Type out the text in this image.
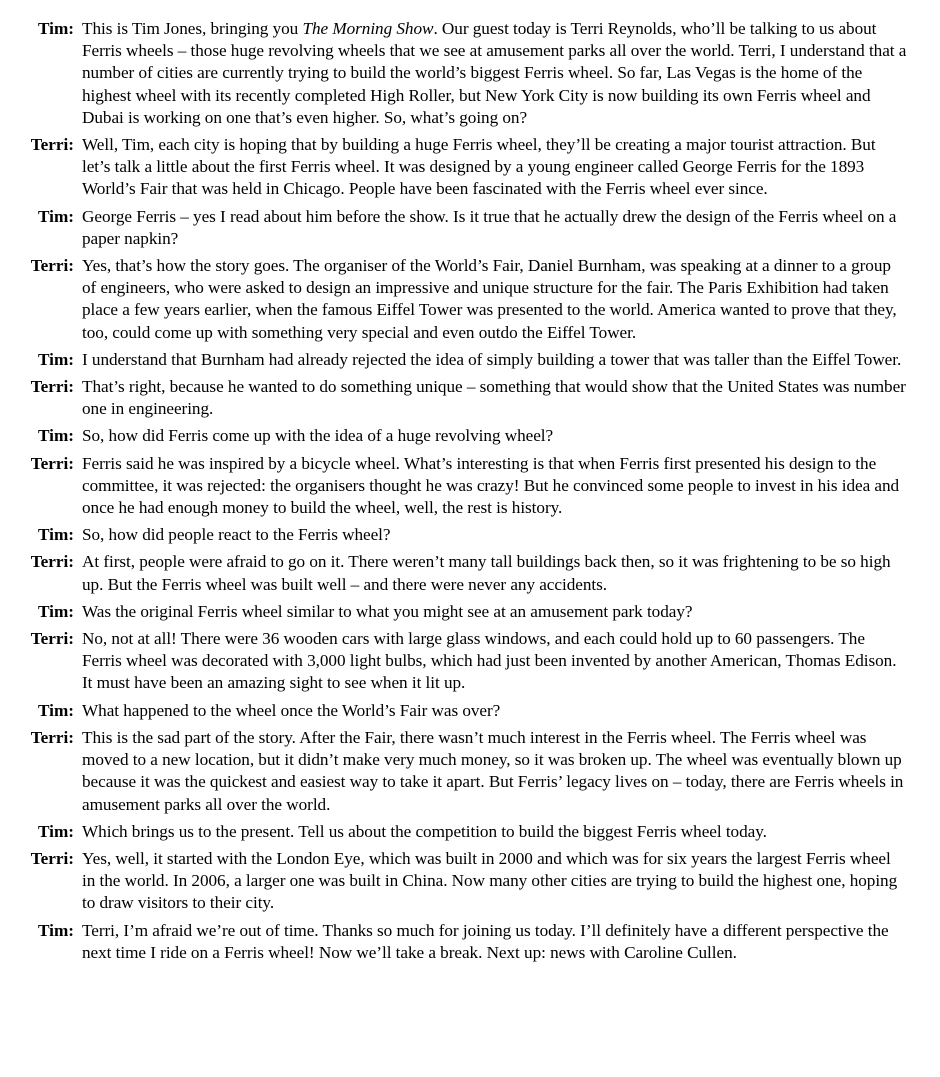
Tim: This is Tim Jones, bringing you The Morning Show. Our guest today is Terri Reynolds, who’ll be talking to us about Ferris wheels – those huge revolving wheels that we see at amusement parks all over the world. Terri, I understand that a number of cities are currently trying to build the world’s biggest Ferris wheel. So far, Las Vegas is the home of the highest wheel with its recently completed High Roller, but New York City is now building its own Ferris wheel and Dubai is working on one that’s even higher. So, what’s going on?
Terri: Well, Tim, each city is hoping that by building a huge Ferris wheel, they’ll be creating a major tourist attraction. But let’s talk a little about the first Ferris wheel. It was designed by a young engineer called George Ferris for the 1893 World’s Fair that was held in Chicago. People have been fascinated with the Ferris wheel ever since.
Tim: George Ferris – yes I read about him before the show. Is it true that he actually drew the design of the Ferris wheel on a paper napkin?
Terri: Yes, that’s how the story goes. The organiser of the World’s Fair, Daniel Burnham, was speaking at a dinner to a group of engineers, who were asked to design an impressive and unique structure for the fair. The Paris Exhibition had taken place a few years earlier, when the famous Eiffel Tower was presented to the world. America wanted to prove that they, too, could come up with something very special and even outdo the Eiffel Tower.
Tim: I understand that Burnham had already rejected the idea of simply building a tower that was taller than the Eiffel Tower.
Terri: That’s right, because he wanted to do something unique – something that would show that the United States was number one in engineering.
Tim: So, how did Ferris come up with the idea of a huge revolving wheel?
Terri: Ferris said he was inspired by a bicycle wheel. What’s interesting is that when Ferris first presented his design to the committee, it was rejected: the organisers thought he was crazy! But he convinced some people to invest in his idea and once he had enough money to build the wheel, well, the rest is history.
Tim: So, how did people react to the Ferris wheel?
Terri: At first, people were afraid to go on it. There weren’t many tall buildings back then, so it was frightening to be so high up. But the Ferris wheel was built well – and there were never any accidents.
Tim: Was the original Ferris wheel similar to what you might see at an amusement park today?
Terri: No, not at all! There were 36 wooden cars with large glass windows, and each could hold up to 60 passengers. The Ferris wheel was decorated with 3,000 light bulbs, which had just been invented by another American, Thomas Edison. It must have been an amazing sight to see when it lit up.
Tim: What happened to the wheel once the World’s Fair was over?
Terri: This is the sad part of the story. After the Fair, there wasn’t much interest in the Ferris wheel. The Ferris wheel was moved to a new location, but it didn’t make very much money, so it was broken up. The wheel was eventually blown up because it was the quickest and easiest way to take it apart. But Ferris’ legacy lives on – today, there are Ferris wheels in amusement parks all over the world.
Tim: Which brings us to the present. Tell us about the competition to build the biggest Ferris wheel today.
Terri: Yes, well, it started with the London Eye, which was built in 2000 and which was for six years the largest Ferris wheel in the world. In 2006, a larger one was built in China. Now many other cities are trying to build the highest one, hoping to draw visitors to their city.
Tim: Terri, I’m afraid we’re out of time. Thanks so much for joining us today. I’ll definitely have a different perspective the next time I ride on a Ferris wheel! Now we’ll take a break. Next up: news with Caroline Cullen.
